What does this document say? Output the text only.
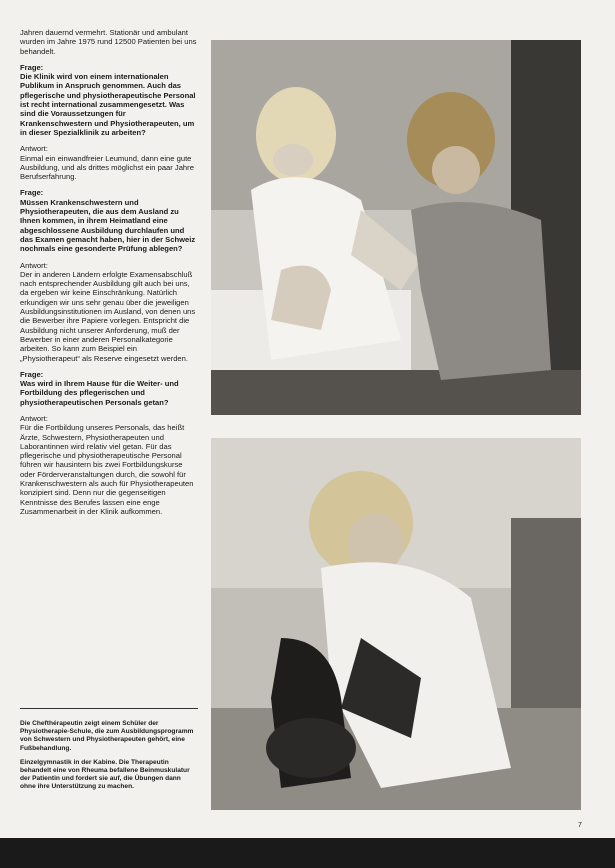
Jahren dauernd vermehrt. Stationär und ambulant wurden im Jahre 1975 rund 12500 Patienten bei uns behandelt.

Frage:
Die Klinik wird von einem internationalen Publikum in Anspruch genommen. Auch das pflegerische und physiotherapeutische Personal ist recht international zusammengesetzt. Was sind die Voraussetzungen für Krankenschwestern und Physiotherapeuten, um in dieser Spezialklinik zu arbeiten?

Antwort:
Einmal ein einwandfreier Leumund, dann eine gute Ausbildung, und als drittes möglichst ein paar Jahre Berufserfahrung.

Frage:
Müssen Krankenschwestern und Physiotherapeuten, die aus dem Ausland zu Ihnen kommen, in ihrem Heimatland eine abgeschlossene Ausbildung durchlaufen und das Examen gemacht haben, hier in der Schweiz nochmals eine gesonderte Prüfung ablegen?

Antwort:
Der in anderen Ländern erfolgte Examensabschluß nach entsprechender Ausbildung gilt auch bei uns, da ergeben wir keine Einschränkung. Natürlich erkundigen wir uns sehr genau über die jeweiligen Ausbildungsinstitutionen im Ausland, von denen uns die Bewerber ihre Papiere vorlegen. Entspricht die Ausbildung nicht unserer Anforderung, muß der Bewerber in einer anderen Personalkategorie arbeiten. So kann zum Beispiel ein „Physiotherapeut“ als Reserve eingesetzt werden.

Frage:
Was wird in Ihrem Hause für die Weiter- und Fortbildung des pflegerischen und physiotherapeutischen Personals getan?

Antwort:
Für die Fortbildung unseres Personals, das heißt Ärzte, Schwestern, Physiotherapeuten und Laborantinnen wird relativ viel getan. Für das pflegerische und physiotherapeutische Personal führen wir hausintern bis zwei Fortbildungskurse oder Förderveranstaltungen durch, die sowohl für Krankenschwestern als auch für Physiotherapeuten konzipiert sind. Denn nur die gegenseitigen Kenntnisse des Berufes lassen eine enge Zusammenarbeit in der Klinik aufkommen.

Die Chefthérapeutin zeigt einem Schüler der Physiotherapie-Schule, die zum Ausbildungsprogramm von Schwestern und Physiotherapeuten gehört, eine Fußbehandlung.

Einzelgymnastik in der Kabine. Die Therapeutin behandelt eine von Rheuma befallene Beinmuskulatur der Patientin und fordert sie auf, die Übungen dann ohne ihre Unterstützung zu machen.

7
